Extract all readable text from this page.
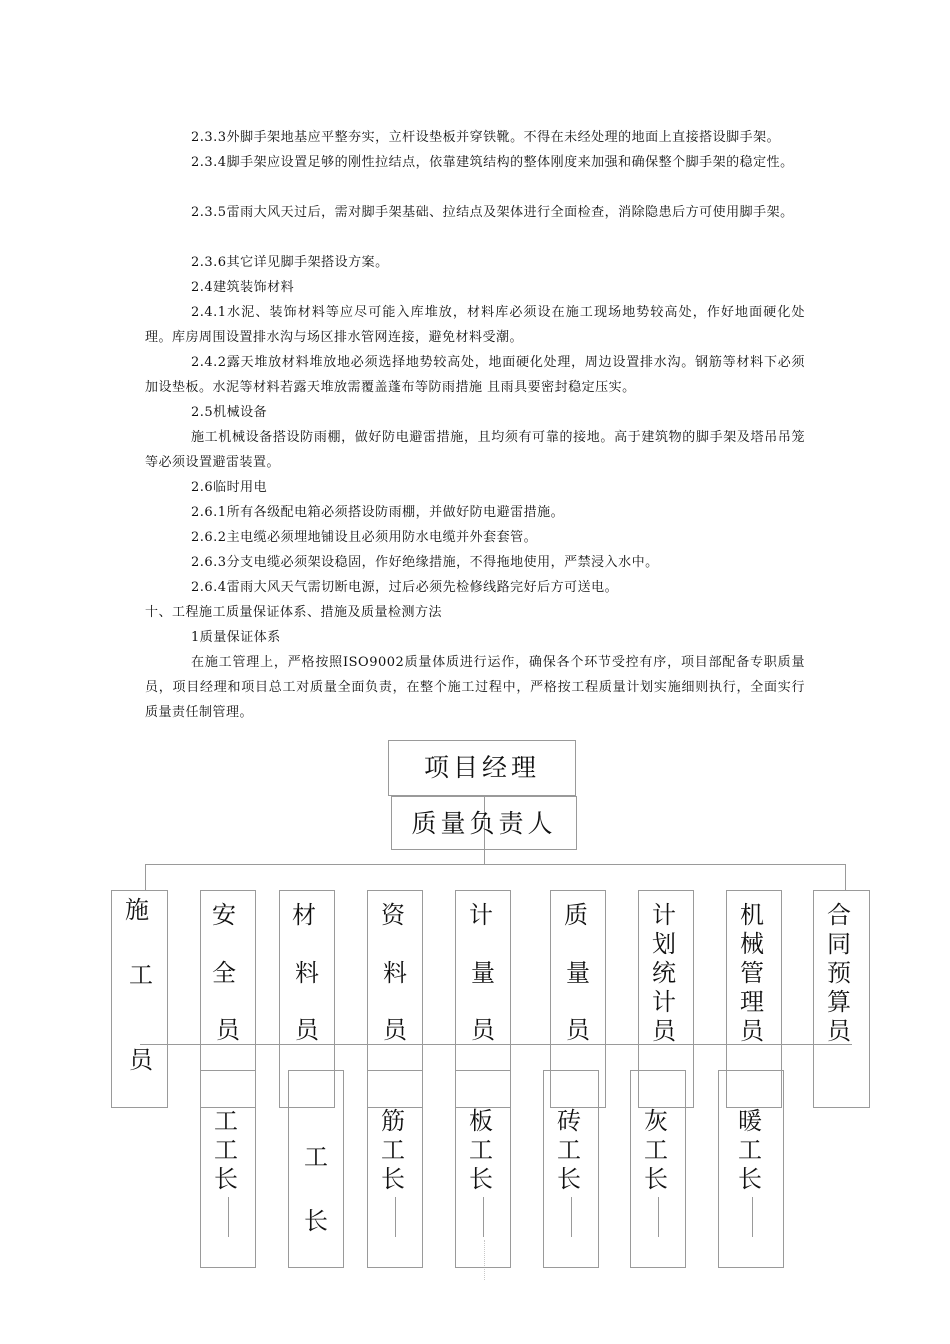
2.3.3外脚手架地基应平整夯实，立杆设垫板并穿铁靴。不得在未经处理的地面上直接搭设脚手架。

2.3.4脚手架应设置足够的刚性拉结点，依靠建筑结构的整体刚度来加强和确保整个脚手架的稳定性。

2.3.5雷雨大风天过后，需对脚手架基础、拉结点及架体进行全面检查，消除隐患后方可使用脚手架。

2.3.6其它详见脚手架搭设方案。

2.4建筑装饰材料

2.4.1水泥、装饰材料等应尽可能入库堆放，材料库必须设在施工现场地势较高处，作好地面硬化处理。库房周围设置排水沟与场区排水管网连接，避免材料受潮。

2.4.2露天堆放材料堆放地必须选择地势较高处，地面硬化处理，周边设置排水沟。钢筋等材料下必须加设垫板。水泥等材料若露天堆放需覆盖蓬布等防雨措施 且雨具要密封稳定压实。

2.5机械设备

施工机械设备搭设防雨棚，做好防电避雷措施，且均须有可靠的接地。高于建筑物的脚手架及塔吊吊笼等必须设置避雷装置。

2.6临时用电

2.6.1所有各级配电箱必须搭设防雨棚，并做好防电避雷措施。

2.6.2主电缆必须埋地铺设且必须用防水电缆并外套套管。

2.6.3分支电缆必须架设稳固，作好绝缘措施，不得拖地使用，严禁浸入水中。

2.6.4雷雨大风天气需切断电源，过后必须先检修线路完好后方可送电。

十、工程施工质量保证体系、措施及质量检测方法

1质量保证体系

在施工管理上，严格按照ISO9002质量体质进行运作，确保各个环节受控有序，项目部配备专职质量员，项目经理和项目总工对质量全面负责，在整个施工过程中，严格按工程质量计划实施细则执行，全面实行质量责任制管理。

项目经理
质量负责人
施
工
员
安
全
员
材
料
员
资
料
员
计
量
员
质
量
员
计
划
统
计
员
机
械
管
理
员
合
同
预
算
员
工
工
长
工
长
筋
工
长
板
工
长
砖
工
长
灰
工
长
暖
工
长
